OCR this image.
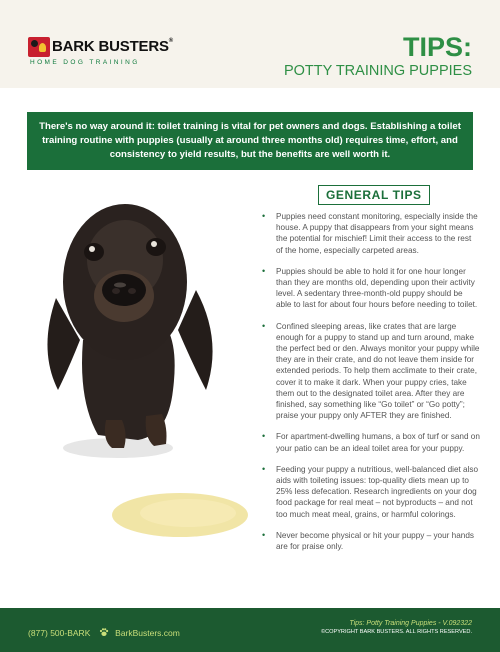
BARK BUSTERS®
HOME DOG TRAINING
TIPS:
POTTY TRAINING PUPPIES
There's no way around it: toilet training is vital for pet owners and dogs. Establishing a toilet training routine with puppies (usually at around three months old) requires time, effort, and consistency to yield results, but the benefits are well worth it.
GENERAL TIPS
• Puppies need constant monitoring, especially inside the house. A puppy that disappears from your sight means the potential for mischief! Limit their access to the rest of the home, especially carpeted areas.
• Puppies should be able to hold it for one hour longer than they are months old, depending upon their activity level. A sedentary three-month-old puppy should be able to last for about four hours before needing to toilet.
• Confined sleeping areas, like crates that are large enough for a puppy to stand up and turn around, make the perfect bed or den. Always monitor your puppy while they are in their crate, and do not leave them inside for extended periods. To help them acclimate to their crate, cover it to make it dark. When your puppy cries, take them out to the designated toilet area. After they are finished, say something like “Go toilet” or “Go potty”; praise your puppy only AFTER they are finished.
• For apartment-dwelling humans, a box of turf or sand on your patio can be an ideal toilet area for your puppy.
• Feeding your puppy a nutritious, well-balanced diet also aids with toileting issues: top-quality diets mean up to 25% less defecation. Research ingredients on your dog food package for real meat – not byproducts – and not too much meat meal, grains, or harmful colorings.
• Never become physical or hit your puppy – your hands are for praise only.
(877) 500-BARK	BarkBusters.com
Tips: Potty Training Puppies - V.092322
©COPYRIGHT BARK BUSTERS. ALL RIGHTS RESERVED.
